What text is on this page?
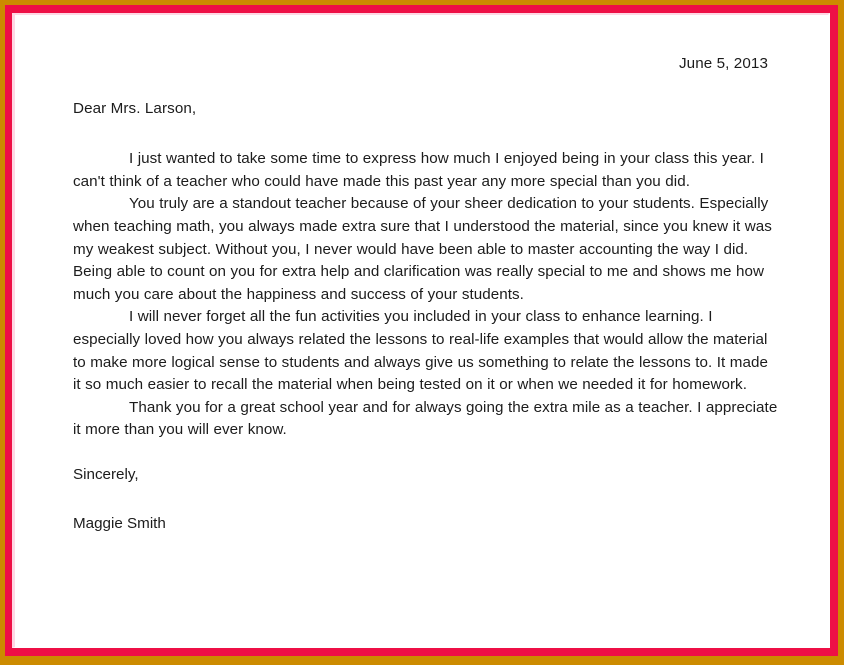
June 5, 2013
Dear Mrs. Larson,

I just wanted to take some time to express how much I enjoyed being in your class this year. I can't think of a teacher who could have made this past year any more special than you did.

You truly are a standout teacher because of your sheer dedication to your students. Especially when teaching math, you always made extra sure that I understood the material, since you knew it was my weakest subject. Without you, I never would have been able to master accounting the way I did. Being able to count on you for extra help and clarification was really special to me and shows me how much you care about the happiness and success of your students.

I will never forget all the fun activities you included in your class to enhance learning. I especially loved how you always related the lessons to real-life examples that would allow the material to make more logical sense to students and always give us something to relate the lessons to. It made it so much easier to recall the material when being tested on it or when we needed it for homework.

Thank you for a great school year and for always going the extra mile as a teacher. I appreciate it more than you will ever know.

Sincerely,
Maggie Smith
